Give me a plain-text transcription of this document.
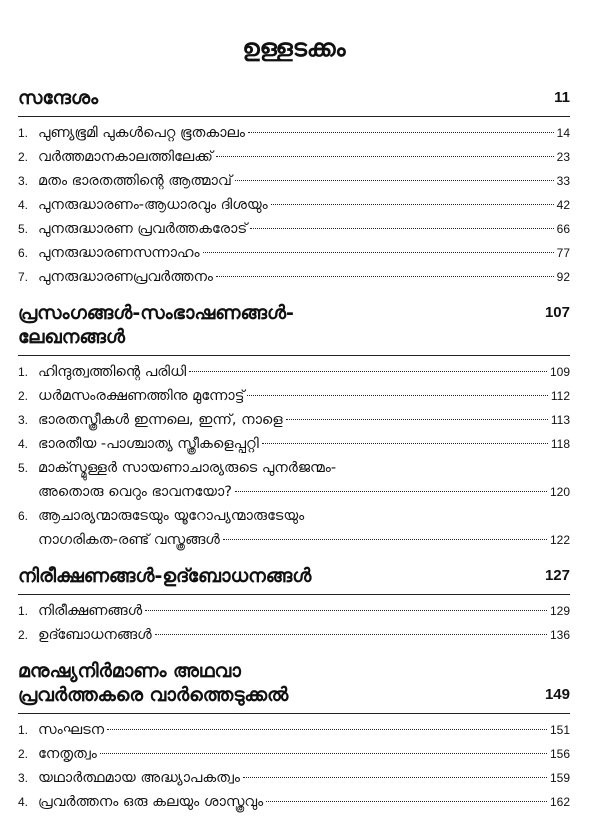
ഉള്ളടക്കം
സന്ദേശം	11
1. പുണ്യഭൂമി പുകൾപെറ്റ ഭൂതകാലം	14
2. വർത്തമാനകാലത്തിലേക്ക്	23
3. മതം ഭാരതത്തിന്റെ ആത്മാവ്	33
4. പുനരുദ്ധാരണം-ആധാരവും ദിശയും	42
5. പുനരുദ്ധാരണ പ്രവർത്തകരോട്	66
6. പുനരുദ്ധാരണസന്നാഹം	77
7. പുനരുദ്ധാരണപ്രവർത്തനം	92
പ്രസംഗങ്ങൾ-സംഭാഷണങ്ങൾ-	107
ലേഖനങ്ങൾ
1. ഹിന്ദുത്വത്തിന്റെ പരിധി	109
2. ധർമസംരക്ഷണത്തിനു മുന്നോട്ട്	112
3. ഭാരതസ്ത്രീകൾ ഇന്നലെ, ഇന്ന്, നാളെ	113
4. ഭാരതീയ -പാശ്ചാത്യ സ്ത്രീകളെപ്പറ്റി	118
5. മാക്സ്മുള്ളർ സായണാചാര്യരുടെ പുനർജന്മം-
അതൊരു വെറും ഭാവനയോ?	120
6. ആചാര്യന്മാരുടേയും യൂറോപ്യന്മാരുടേയും
നാഗരികത-രണ്ട് വസ്ത്രങ്ങൾ	122
നിരീക്ഷണങ്ങൾ-ഉദ്ബോധനങ്ങൾ	127
1. നിരീക്ഷണങ്ങൾ	129
2. ഉദ്ബോധനങ്ങൾ	136
മനുഷ്യനിർമാണം അഥവാ
പ്രവർത്തകരെ വാർത്തെടുക്കൽ	149
1. സംഘടന	151
2. നേതൃത്വം	156
3. യഥാർത്ഥമായ അദ്ധ്യാപകത്വം	159
4. പ്രവർത്തനം ഒരു കലയും ശാസ്ത്രവും	162
